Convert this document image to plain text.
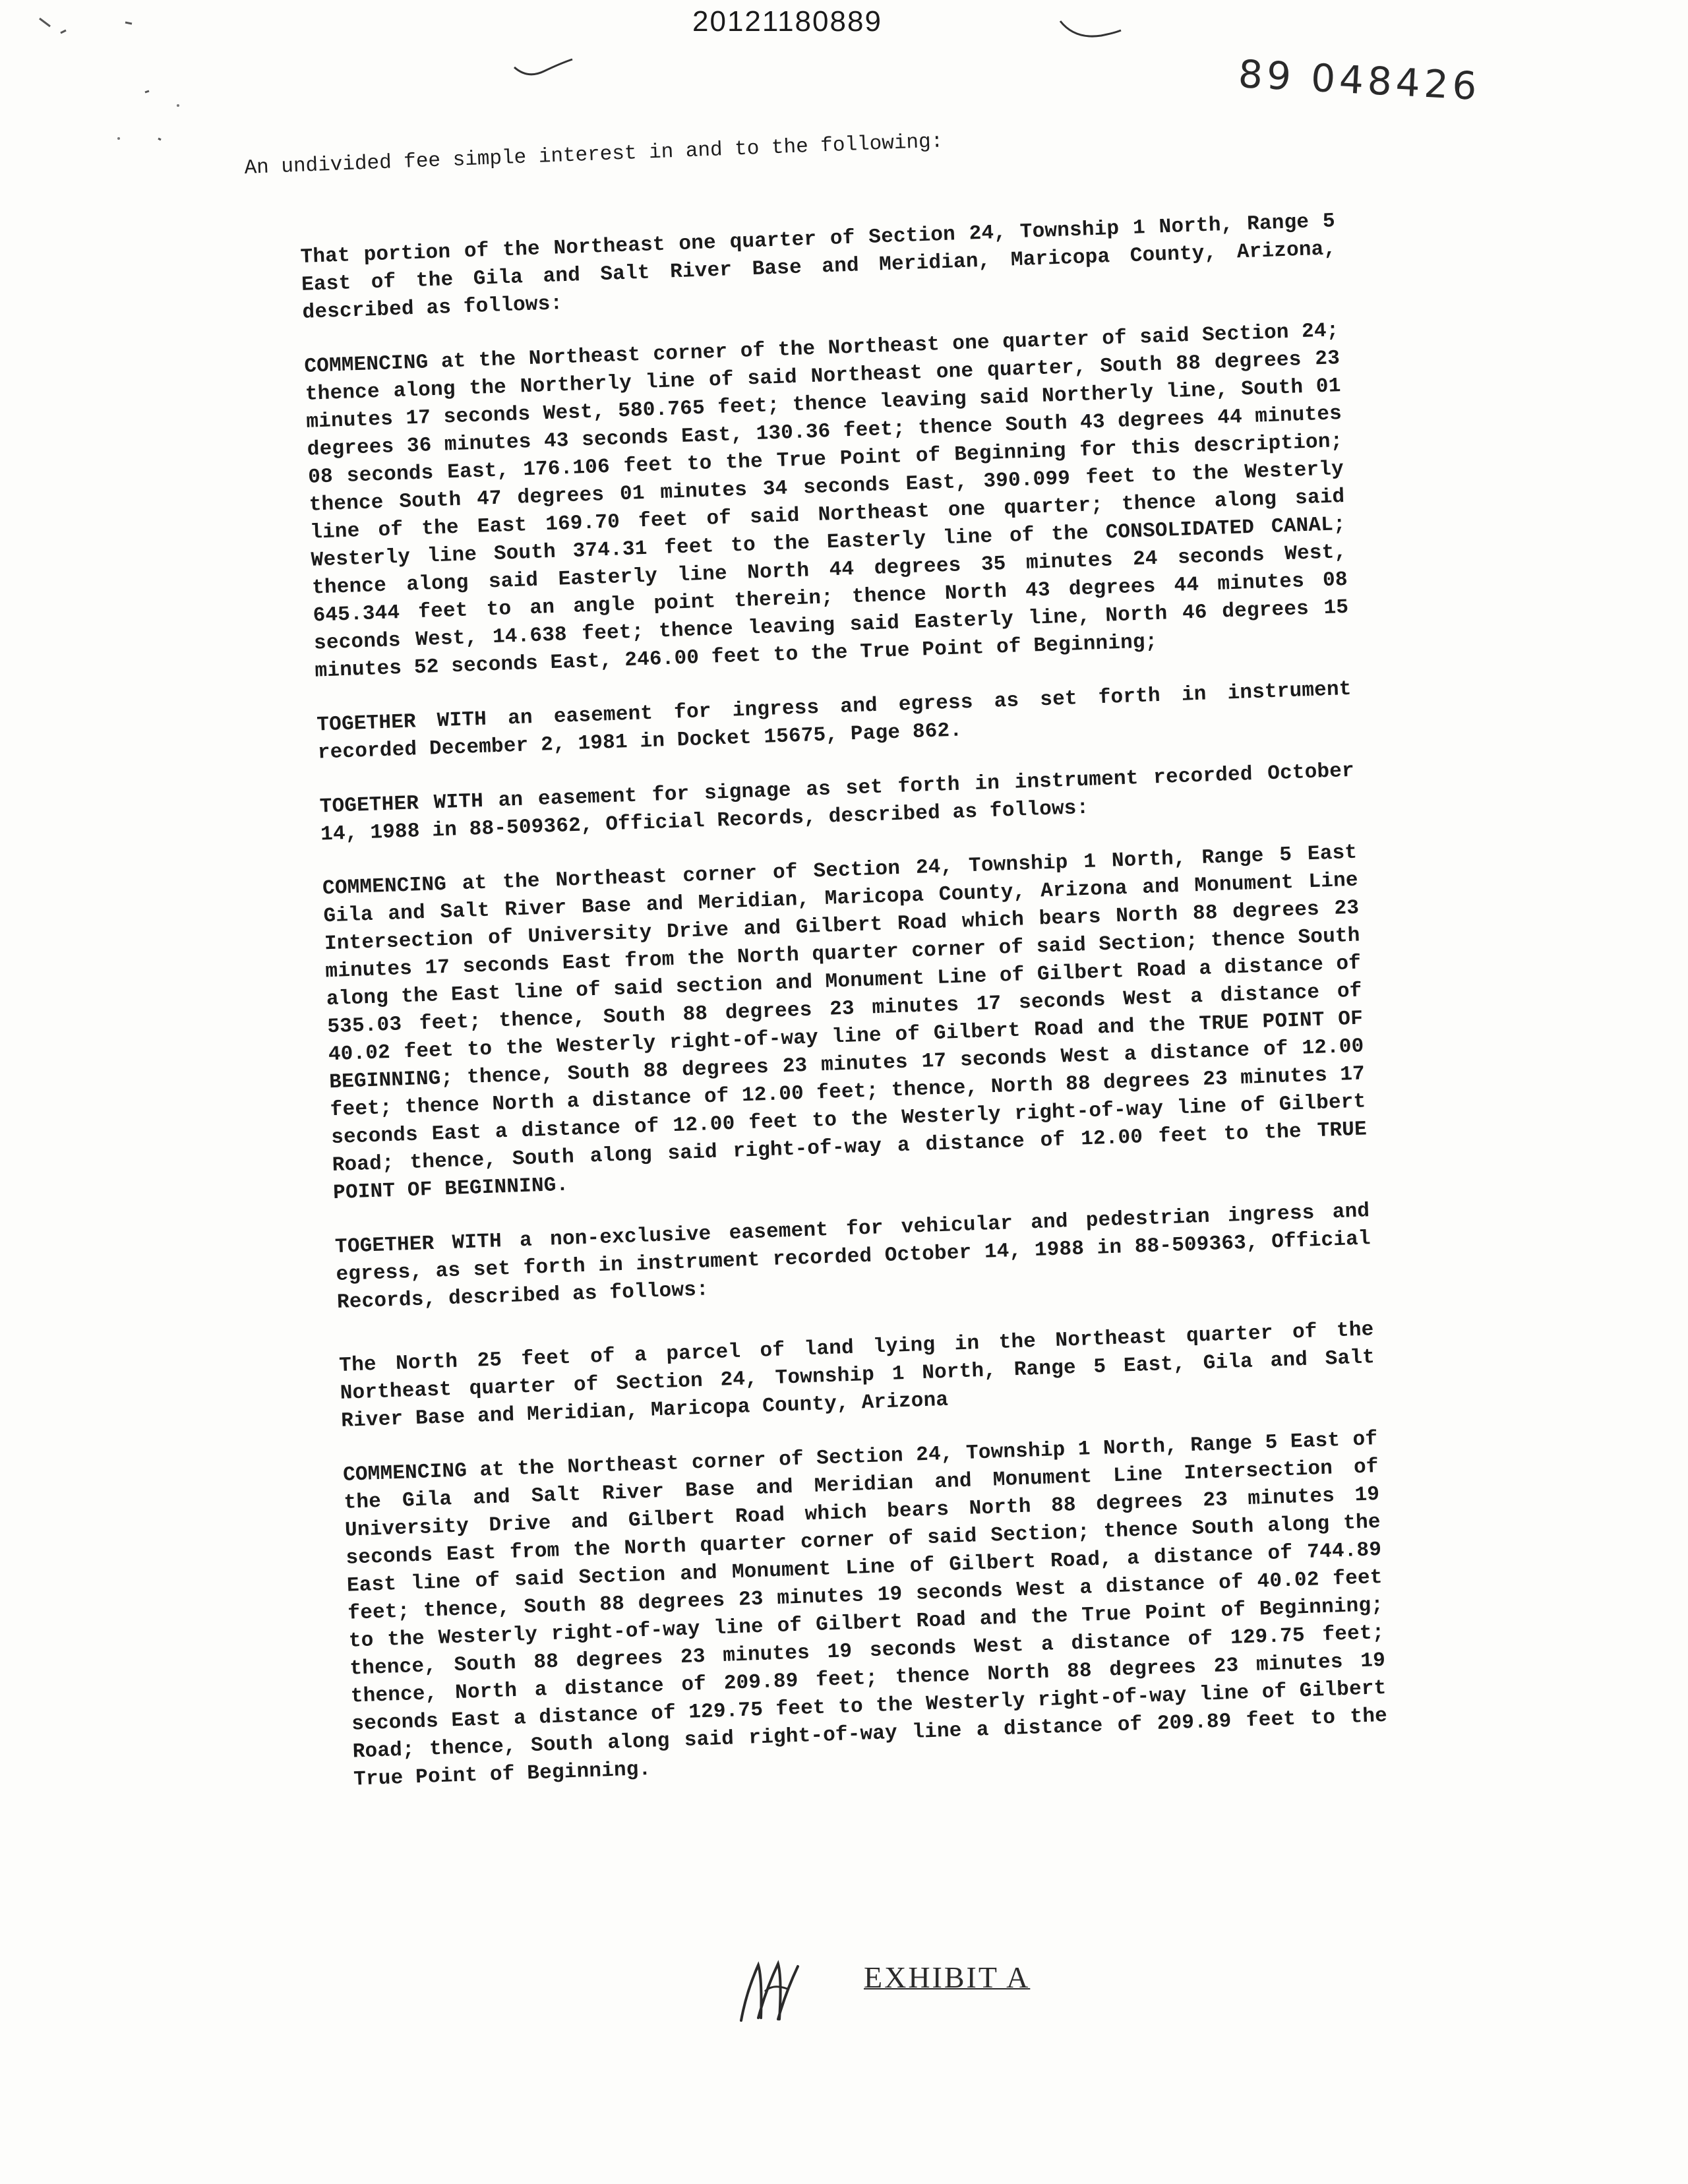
20121180889
89 048426
An undivided fee simple interest in and to the following:

That portion of the Northeast one quarter of Section 24, Township 1 North, Range 5 East of the Gila and Salt River Base and Meridian, Maricopa County, Arizona, described as follows:

COMMENCING at the Northeast corner of the Northeast one quarter of said Section 24; thence along the Northerly line of said Northeast one quarter, South 88 degrees 23 minutes 17 seconds West, 580.765 feet; thence leaving said Northerly line, South 01 degrees 36 minutes 43 seconds East, 130.36 feet; thence South 43 degrees 44 minutes 08 seconds East, 176.106 feet to the True Point of Beginning for this description; thence South 47 degrees 01 minutes 34 seconds East, 390.099 feet to the Westerly line of the East 169.70 feet of said Northeast one quarter; thence along said Westerly line South 374.31 feet to the Easterly line of the CONSOLIDATED CANAL; thence along said Easterly line North 44 degrees 35 minutes 24 seconds West, 645.344 feet to an angle point therein; thence North 43 degrees 44 minutes 08 seconds West, 14.638 feet; thence leaving said Easterly line, North 46 degrees 15 minutes 52 seconds East, 246.00 feet to the True Point of Beginning;

TOGETHER WITH an easement for ingress and egress as set forth in instrument recorded December 2, 1981 in Docket 15675, Page 862.

TOGETHER WITH an easement for signage as set forth in instrument recorded October 14, 1988 in 88-509362, Official Records, described as follows:

COMMENCING at the Northeast corner of Section 24, Township 1 North, Range 5 East Gila and Salt River Base and Meridian, Maricopa County, Arizona and Monument Line Intersection of University Drive and Gilbert Road which bears North 88 degrees 23 minutes 17 seconds East from the North quarter corner of said Section; thence South along the East line of said section and Monument Line of Gilbert Road a distance of 535.03 feet; thence, South 88 degrees 23 minutes 17 seconds West a distance of 40.02 feet to the Westerly right-of-way line of Gilbert Road and the TRUE POINT OF BEGINNING; thence, South 88 degrees 23 minutes 17 seconds West a distance of 12.00 feet; thence North a distance of 12.00 feet; thence, North 88 degrees 23 minutes 17 seconds East a distance of 12.00 feet to the Westerly right-of-way line of Gilbert Road; thence, South along said right-of-way a distance of 12.00 feet to the TRUE POINT OF BEGINNING.

TOGETHER WITH a non-exclusive easement for vehicular and pedestrian ingress and egress, as set forth in instrument recorded October 14, 1988 in 88-509363, Official Records, described as follows:

The North 25 feet of a parcel of land lying in the Northeast quarter of the Northeast quarter of Section 24, Township 1 North, Range 5 East, Gila and Salt River Base and Meridian, Maricopa County, Arizona

COMMENCING at the Northeast corner of Section 24, Township 1 North, Range 5 East of the Gila and Salt River Base and Meridian and Monument Line Intersection of University Drive and Gilbert Road which bears North 88 degrees 23 minutes 19 seconds East from the North quarter corner of said Section; thence South along the East line of said Section and Monument Line of Gilbert Road, a distance of 744.89 feet; thence, South 88 degrees 23 minutes 19 seconds West a distance of 40.02 feet to the Westerly right-of-way line of Gilbert Road and the True Point of Beginning; thence, South 88 degrees 23 minutes 19 seconds West a distance of 129.75 feet; thence, North a distance of 209.89 feet; thence North 88 degrees 23 minutes 19 seconds East a distance of 129.75 feet to the Westerly right-of-way line of Gilbert Road; thence, South along said right-of-way line a distance of 209.89 feet to the True Point of Beginning.

EXHIBIT A
